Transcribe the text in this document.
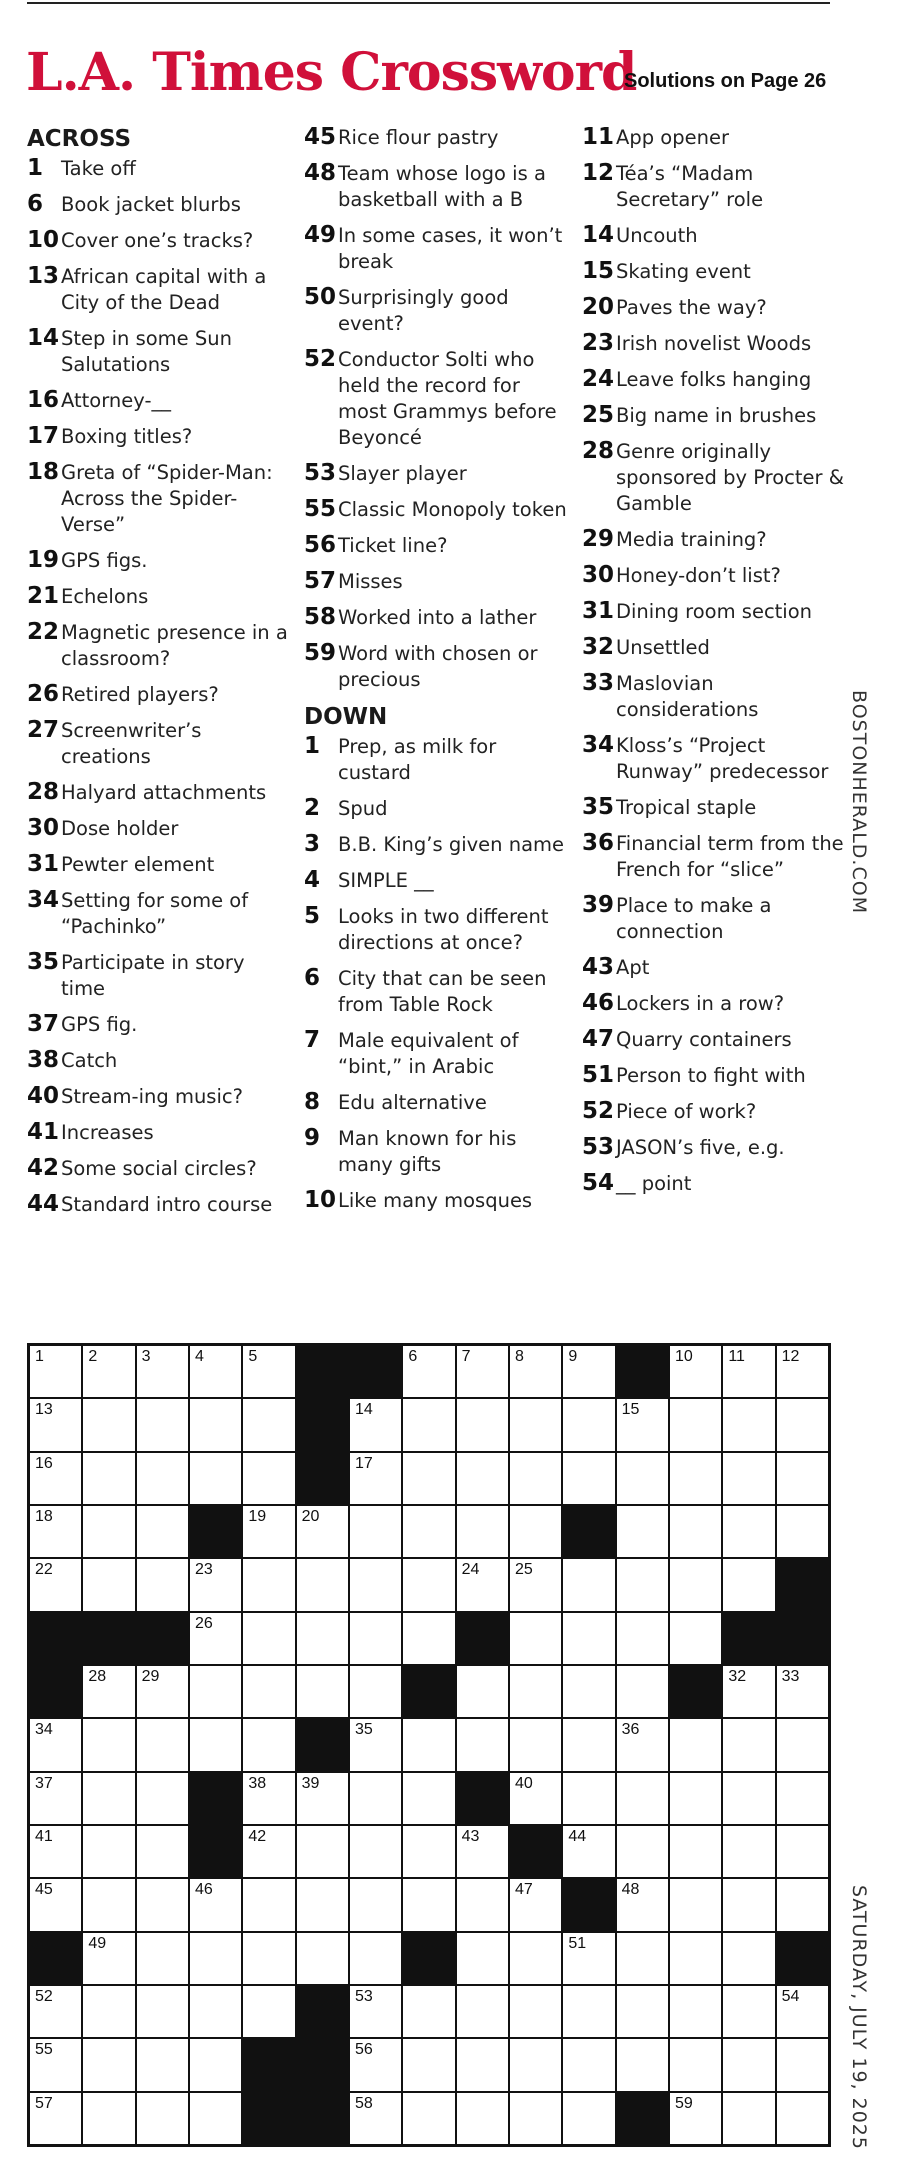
L.A. Times Crossword
Solutions on Page 26
ACROSS
1 Take off
6 Book jacket blurbs
10 Cover one’s tracks?
13 African capital with a City of the Dead
14 Step in some Sun Salutations
16 Attorney-__
17 Boxing titles?
18 Greta of “Spider-Man: Across the Spider-Verse”
19 GPS figs.
21 Echelons
22 Magnetic presence in a classroom?
26 Retired players?
27 Screenwriter’s creations
28 Halyard attachments
30 Dose holder
31 Pewter element
34 Setting for some of “Pachinko”
35 Participate in story time
37 GPS fig.
38 Catch
40 Stream-ing music?
41 Increases
42 Some social circles?
44 Standard intro course
45 Rice flour pastry
48 Team whose logo is a basketball with a B
49 In some cases, it won’t break
50 Surprisingly good event?
52 Conductor Solti who held the record for most Grammys before Beyoncé
53 Slayer player
55 Classic Monopoly token
56 Ticket line?
57 Misses
58 Worked into a lather
59 Word with chosen or precious
DOWN
1 Prep, as milk for custard
2 Spud
3 B.B. King’s given name
4 SIMPLE __
5 Looks in two different directions at once?
6 City that can be seen from Table Rock
7 Male equivalent of “bint,” in Arabic
8 Edu alternative
9 Man known for his many gifts
10 Like many mosques
11 App opener
12 Téa’s “Madam Secretary” role
14 Uncouth
15 Skating event
20 Paves the way?
23 Irish novelist Woods
24 Leave folks hanging
25 Big name in brushes
28 Genre originally sponsored by Procter & Gamble
29 Media training?
30 Honey-don’t list?
31 Dining room section
32 Unsettled
33 Maslovian considerations
34 Kloss’s “Project Runway” predecessor
35 Tropical staple
36 Financial term from the French for “slice”
39 Place to make a connection
43 Apt
46 Lockers in a row?
47 Quarry containers
51 Person to fight with
52 Piece of work?
53 JASON’s five, e.g.
54 __ point
BOSTONHERALD.COM
SATURDAY, JULY 19, 2025
1	2	3	4	5	6	7	8	9	10 11 12
13	14	15
16	17
18	19 20
22	23	24 25
26
28 29	32 33
34	35	36
37	38 39	40
41	42	43	44
45	46	47	48
49	51
52	53	54
55	56
57	58	59
